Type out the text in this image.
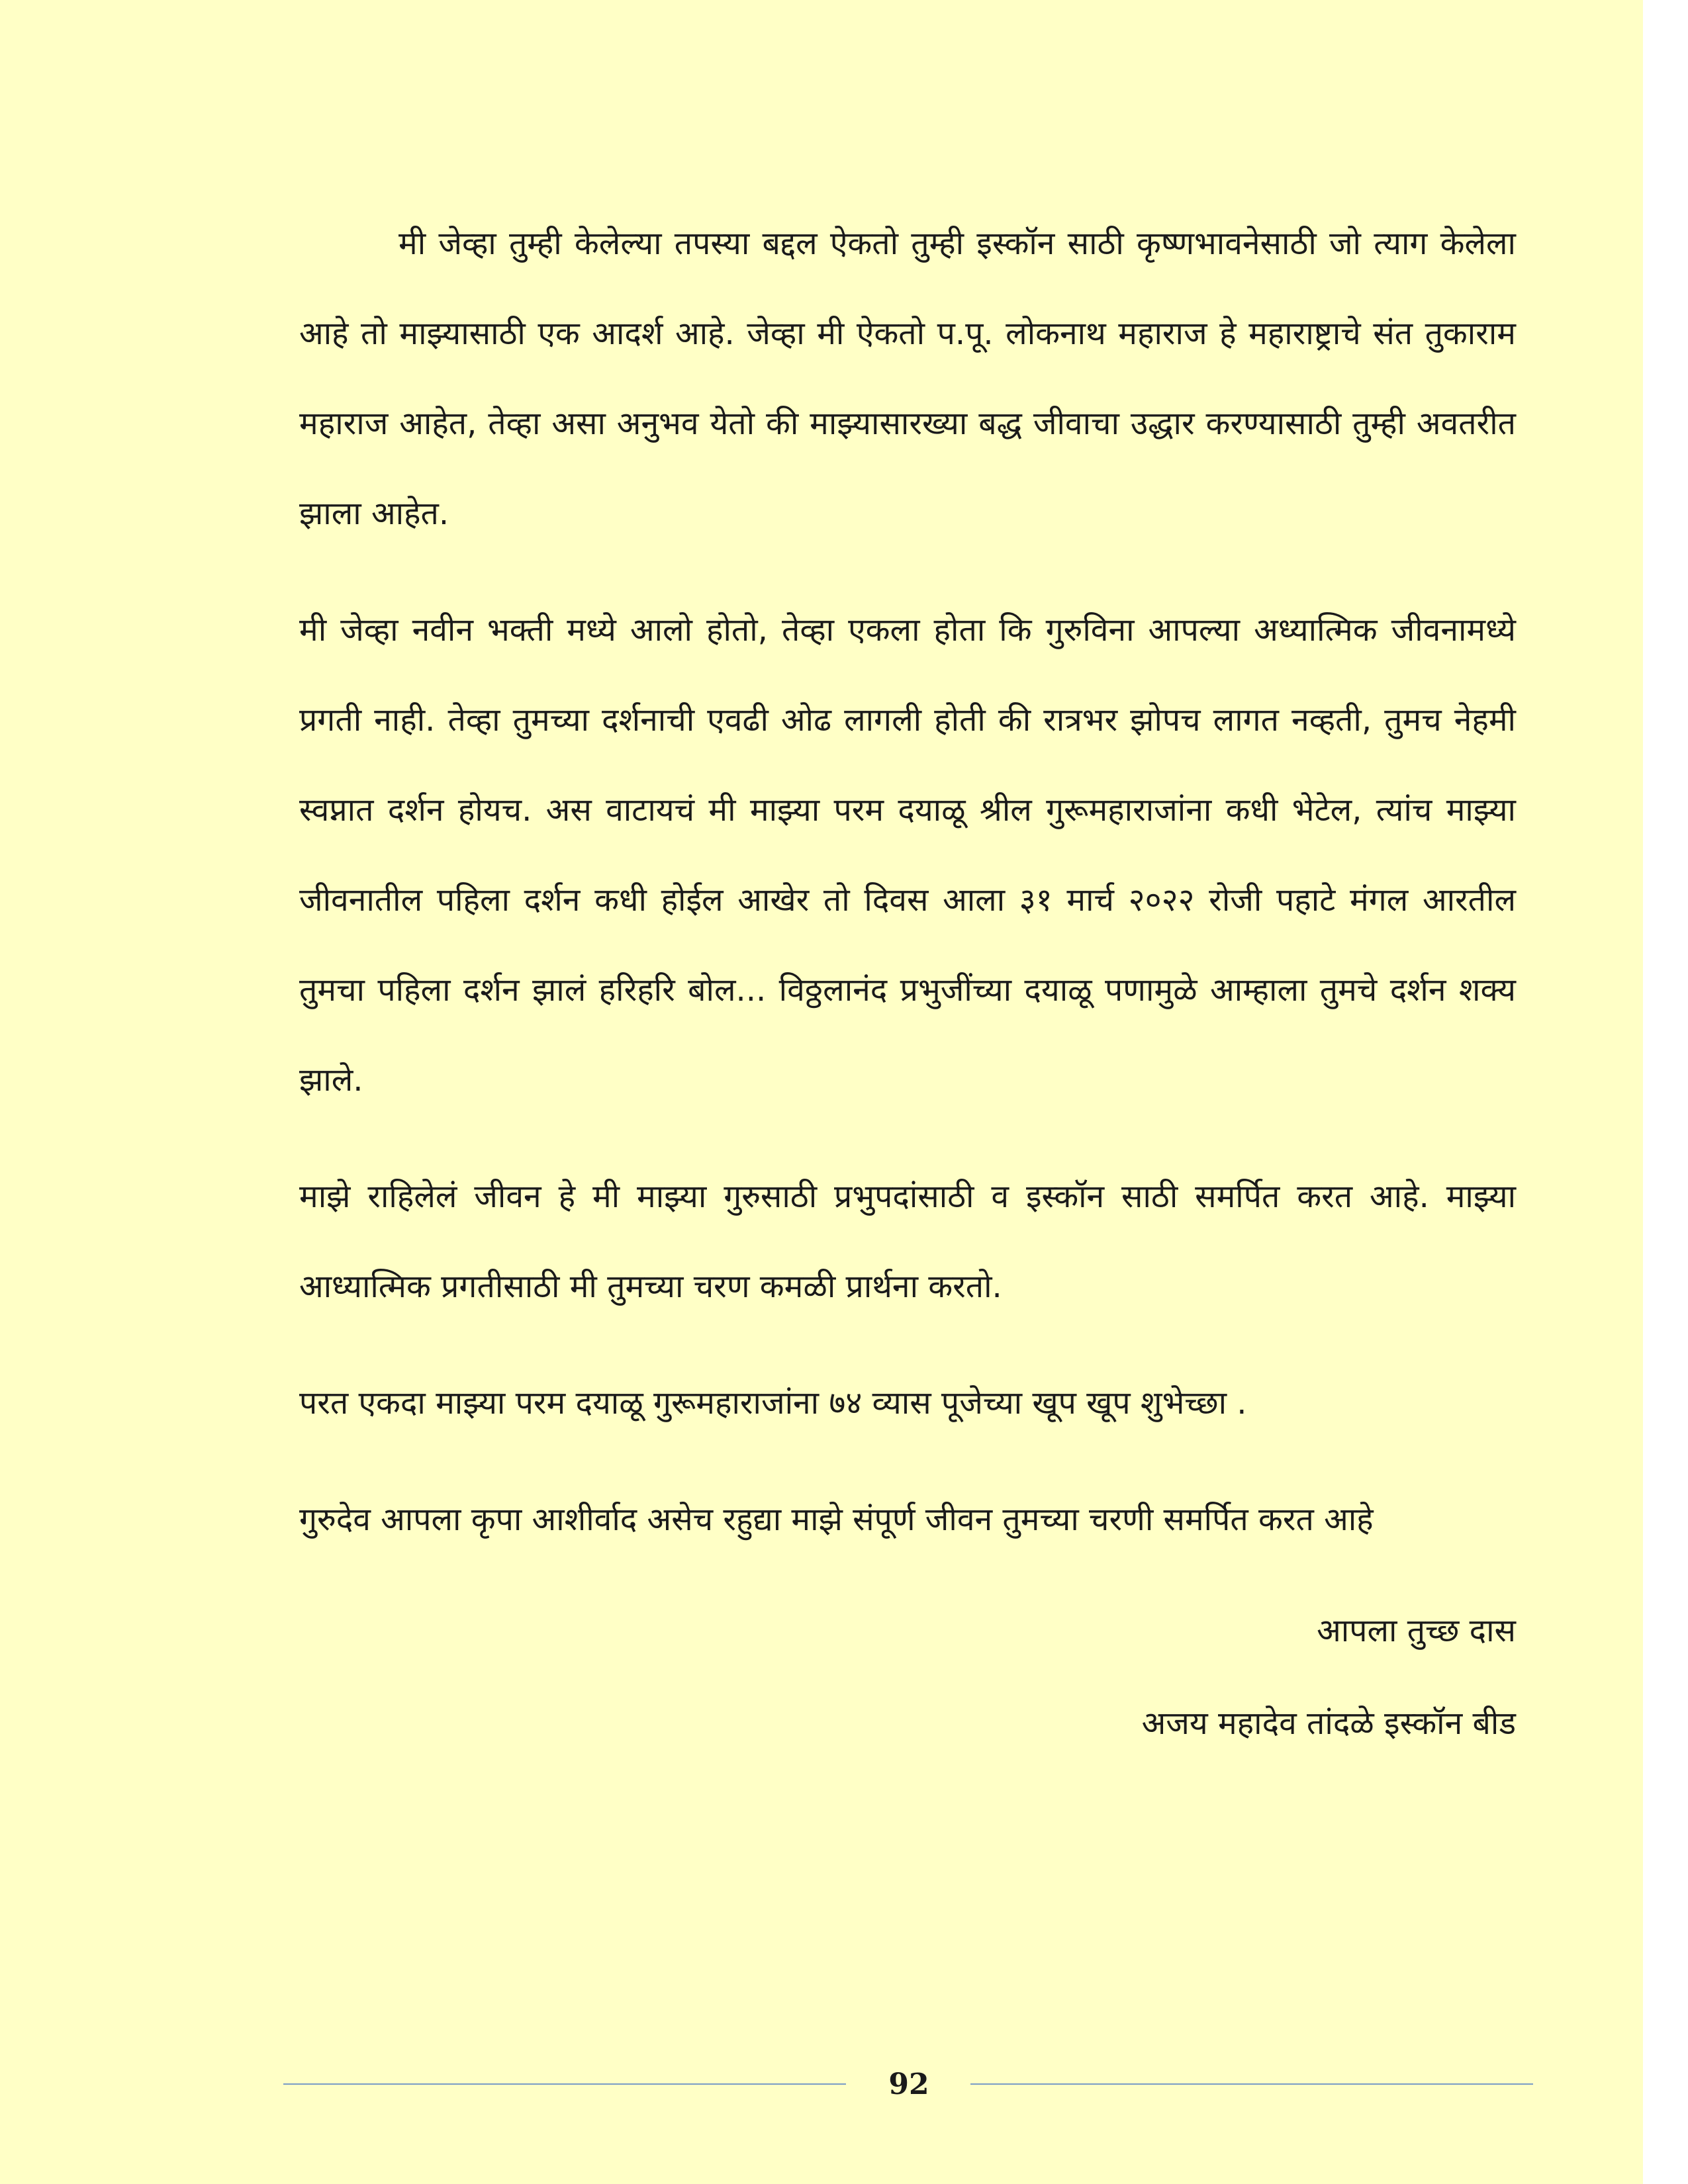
मी जेव्हा तुम्ही केलेल्या तपस्या बद्दल ऐकतो तुम्ही इस्कॉन साठी कृष्णभावनेसाठी जो त्याग केलेला आहे तो माझ्यासाठी एक आदर्श आहे. जेव्हा मी ऐकतो प.पू. लोकनाथ महाराज हे महाराष्ट्राचे संत तुकाराम महाराज आहेत, तेव्हा असा अनुभव येतो की माझ्यासारख्या बद्ध जीवाचा उद्धार करण्यासाठी तुम्ही अवतरीत झाला आहेत.

मी जेव्हा नवीन भक्ती मध्ये आलो होतो, तेव्हा एकला होता कि गुरुविना आपल्या अध्यात्मिक जीवनामध्ये प्रगती नाही. तेव्हा तुमच्या दर्शनाची एवढी ओढ लागली होती की रात्रभर झोपच लागत नव्हती, तुमच नेहमी स्वप्नात दर्शन होयच. अस वाटायचं मी माझ्या परम दयाळू श्रील गुरूमहाराजांना कधी भेटेल, त्यांच माझ्या जीवनातील पहिला दर्शन कधी होईल आखेर तो दिवस आला ३१ मार्च २०२२ रोजी पहाटे मंगल आरतील तुमचा पहिला दर्शन झालं हरिहरि बोल... विठ्ठलानंद प्रभुजींच्या दयाळू पणामुळे आम्हाला तुमचे दर्शन शक्य झाले.

माझे राहिलेलं जीवन हे मी माझ्या गुरुसाठी प्रभुपदांसाठी व इस्कॉन साठी समर्पित करत आहे. माझ्या आध्यात्मिक प्रगतीसाठी मी तुमच्या चरण कमळी प्रार्थना करतो.

परत एकदा माझ्या परम दयाळू गुरूमहाराजांना ७४ व्यास पूजेच्या खूप खूप शुभेच्छा .

गुरुदेव आपला कृपा आशीर्वाद असेच रहुद्या माझे संपूर्ण जीवन तुमच्या चरणी समर्पित करत आहे

आपला तुच्छ दास

अजय महादेव तांदळे इस्कॉन बीड

92
